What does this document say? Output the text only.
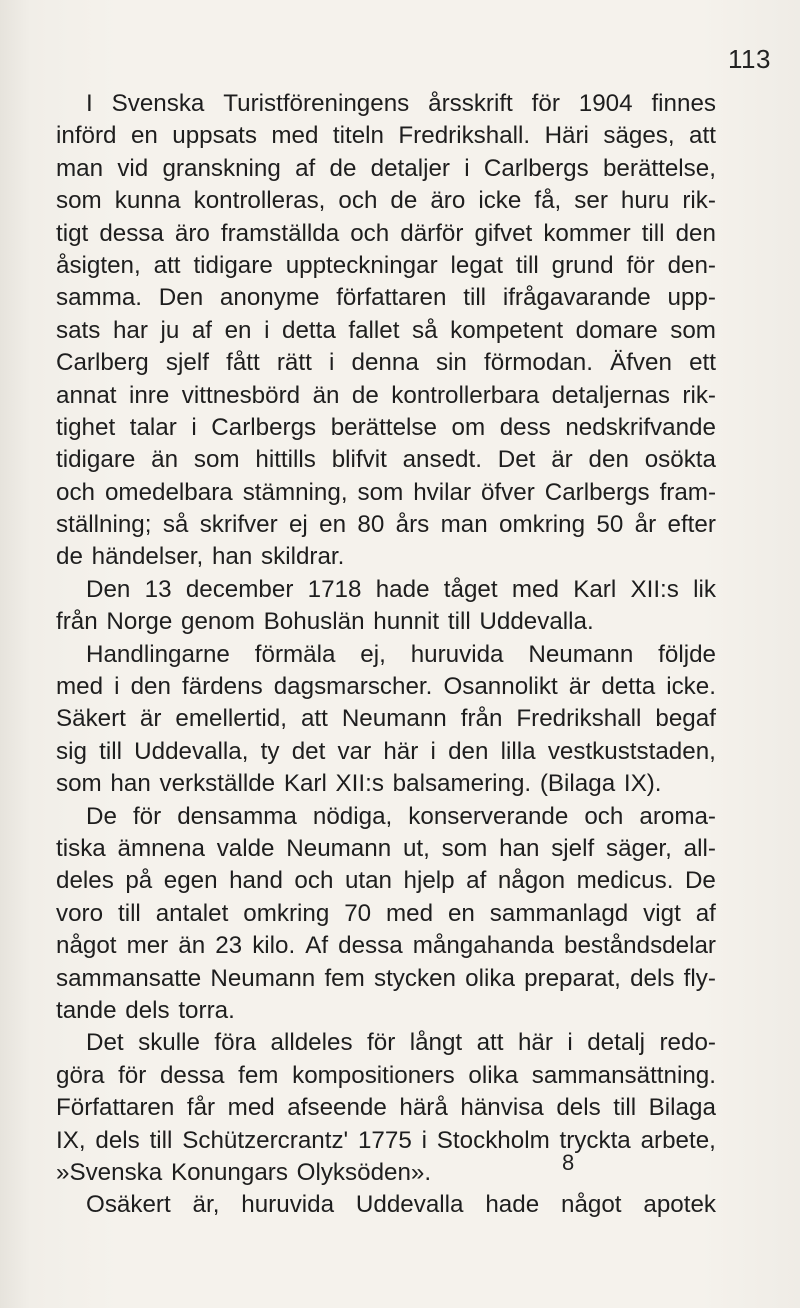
113
I Svenska Turistföreningens årsskrift för 1904 finnes
införd en uppsats med titeln Fredrikshall. Häri säges, att
man vid granskning af de detaljer i Carlbergs berättelse,
som kunna kontrolleras, och de äro icke få, ser huru rik-
tigt dessa äro framställda och därför gifvet kommer till den
åsigten, att tidigare uppteckningar legat till grund för den-
samma. Den anonyme författaren till ifrågavarande upp-
sats har ju af en i detta fallet så kompetent domare som
Carlberg sjelf fått rätt i denna sin förmodan. Äfven ett
annat inre vittnesbörd än de kontrollerbara detaljernas rik-
tighet talar i Carlbergs berättelse om dess nedskrifvande
tidigare än som hittills blifvit ansedt. Det är den osökta
och omedelbara stämning, som hvilar öfver Carlbergs fram-
ställning; så skrifver ej en 80 års man omkring 50 år efter
de händelser, han skildrar.
Den 13 december 1718 hade tåget med Karl XII:s lik
från Norge genom Bohuslän hunnit till Uddevalla.
Handlingarne förmäla ej, huruvida Neumann följde
med i den färdens dagsmarscher. Osannolikt är detta icke.
Säkert är emellertid, att Neumann från Fredrikshall begaf
sig till Uddevalla, ty det var här i den lilla vestkuststaden,
som han verkställde Karl XII:s balsamering. (Bilaga IX).
De för densamma nödiga, konserverande och aroma-
tiska ämnena valde Neumann ut, som han sjelf säger, all-
deles på egen hand och utan hjelp af någon medicus. De
voro till antalet omkring 70 med en sammanlagd vigt af
något mer än 23 kilo. Af dessa mångahanda beståndsdelar
sammansatte Neumann fem stycken olika preparat, dels fly-
tande dels torra.
Det skulle föra alldeles för långt att här i detalj redo-
göra för dessa fem kompositioners olika sammansättning.
Författaren får med afseende härå hänvisa dels till Bilaga
IX, dels till Schützercrantz' 1775 i Stockholm tryckta arbete,
»Svenska Konungars Olyksöden».
Osäkert är, huruvida Uddevalla hade något apotek
8
